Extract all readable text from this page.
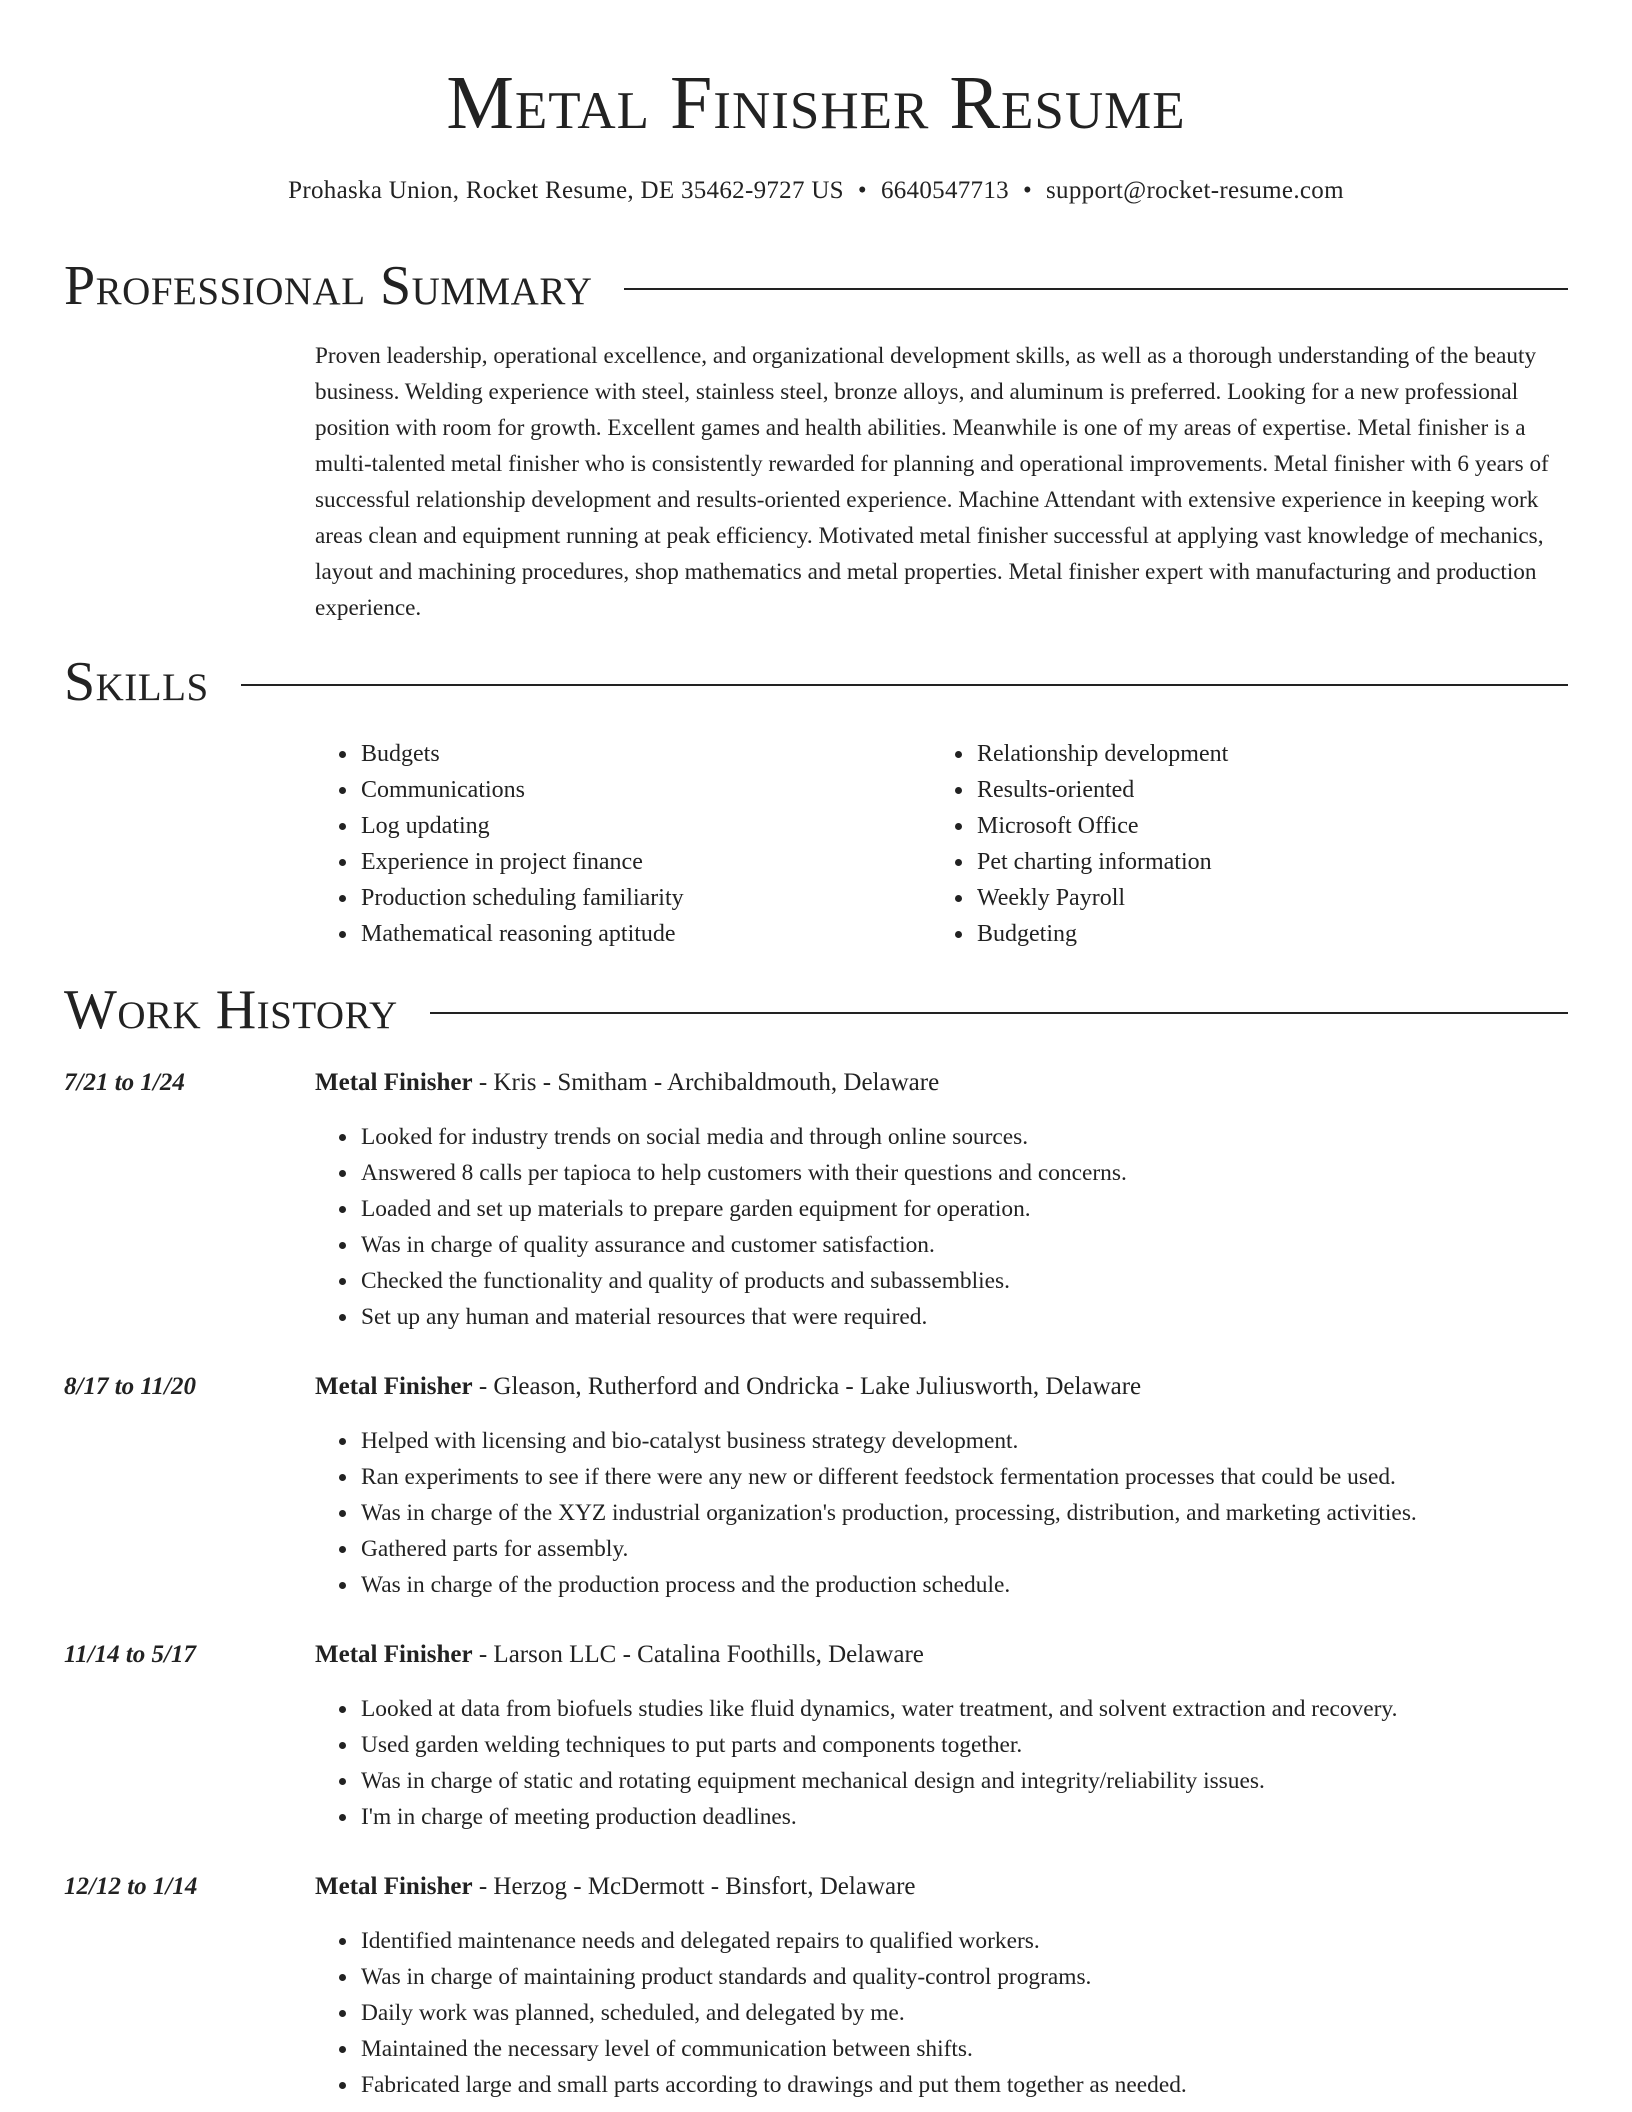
Metal Finisher Resume
Prohaska Union, Rocket Resume, DE 35462-9727 US • 6640547713 • support@rocket-resume.com
Professional Summary

Proven leadership, operational excellence, and organizational development skills, as well as a thorough understanding of the beauty business. Welding experience with steel, stainless steel, bronze alloys, and aluminum is preferred. Looking for a new professional position with room for growth. Excellent games and health abilities. Meanwhile is one of my areas of expertise. Metal finisher is a multi-talented metal finisher who is consistently rewarded for planning and operational improvements. Metal finisher with 6 years of successful relationship development and results-oriented experience. Machine Attendant with extensive experience in keeping work areas clean and equipment running at peak efficiency. Motivated metal finisher successful at applying vast knowledge of mechanics, layout and machining procedures, shop mathematics and metal properties. Metal finisher expert with manufacturing and production experience.

Skills
• Budgets
• Communications
• Log updating
• Experience in project finance
• Production scheduling familiarity
• Mathematical reasoning aptitude
• Relationship development
• Results-oriented
• Microsoft Office
• Pet charting information
• Weekly Payroll
• Budgeting
Work History
7/21 to 1/24	Metal Finisher - Kris - Smitham - Archibaldmouth, Delaware
• Looked for industry trends on social media and through online sources.
• Answered 8 calls per tapioca to help customers with their questions and concerns.
• Loaded and set up materials to prepare garden equipment for operation.
• Was in charge of quality assurance and customer satisfaction.
• Checked the functionality and quality of products and subassemblies.
• Set up any human and material resources that were required.
8/17 to 11/20	Metal Finisher - Gleason, Rutherford and Ondricka - Lake Juliusworth, Delaware
• Helped with licensing and bio-catalyst business strategy development.
• Ran experiments to see if there were any new or different feedstock fermentation processes that could be used.
• Was in charge of the XYZ industrial organization's production, processing, distribution, and marketing activities.
• Gathered parts for assembly.
• Was in charge of the production process and the production schedule.
11/14 to 5/17	Metal Finisher - Larson LLC - Catalina Foothills, Delaware
• Looked at data from biofuels studies like fluid dynamics, water treatment, and solvent extraction and recovery.
• Used garden welding techniques to put parts and components together.
• Was in charge of static and rotating equipment mechanical design and integrity/reliability issues.
• I'm in charge of meeting production deadlines.
12/12 to 1/14	Metal Finisher - Herzog - McDermott - Binsfort, Delaware
• Identified maintenance needs and delegated repairs to qualified workers.
• Was in charge of maintaining product standards and quality-control programs.
• Daily work was planned, scheduled, and delegated by me.
• Maintained the necessary level of communication between shifts.
• Fabricated large and small parts according to drawings and put them together as needed.
